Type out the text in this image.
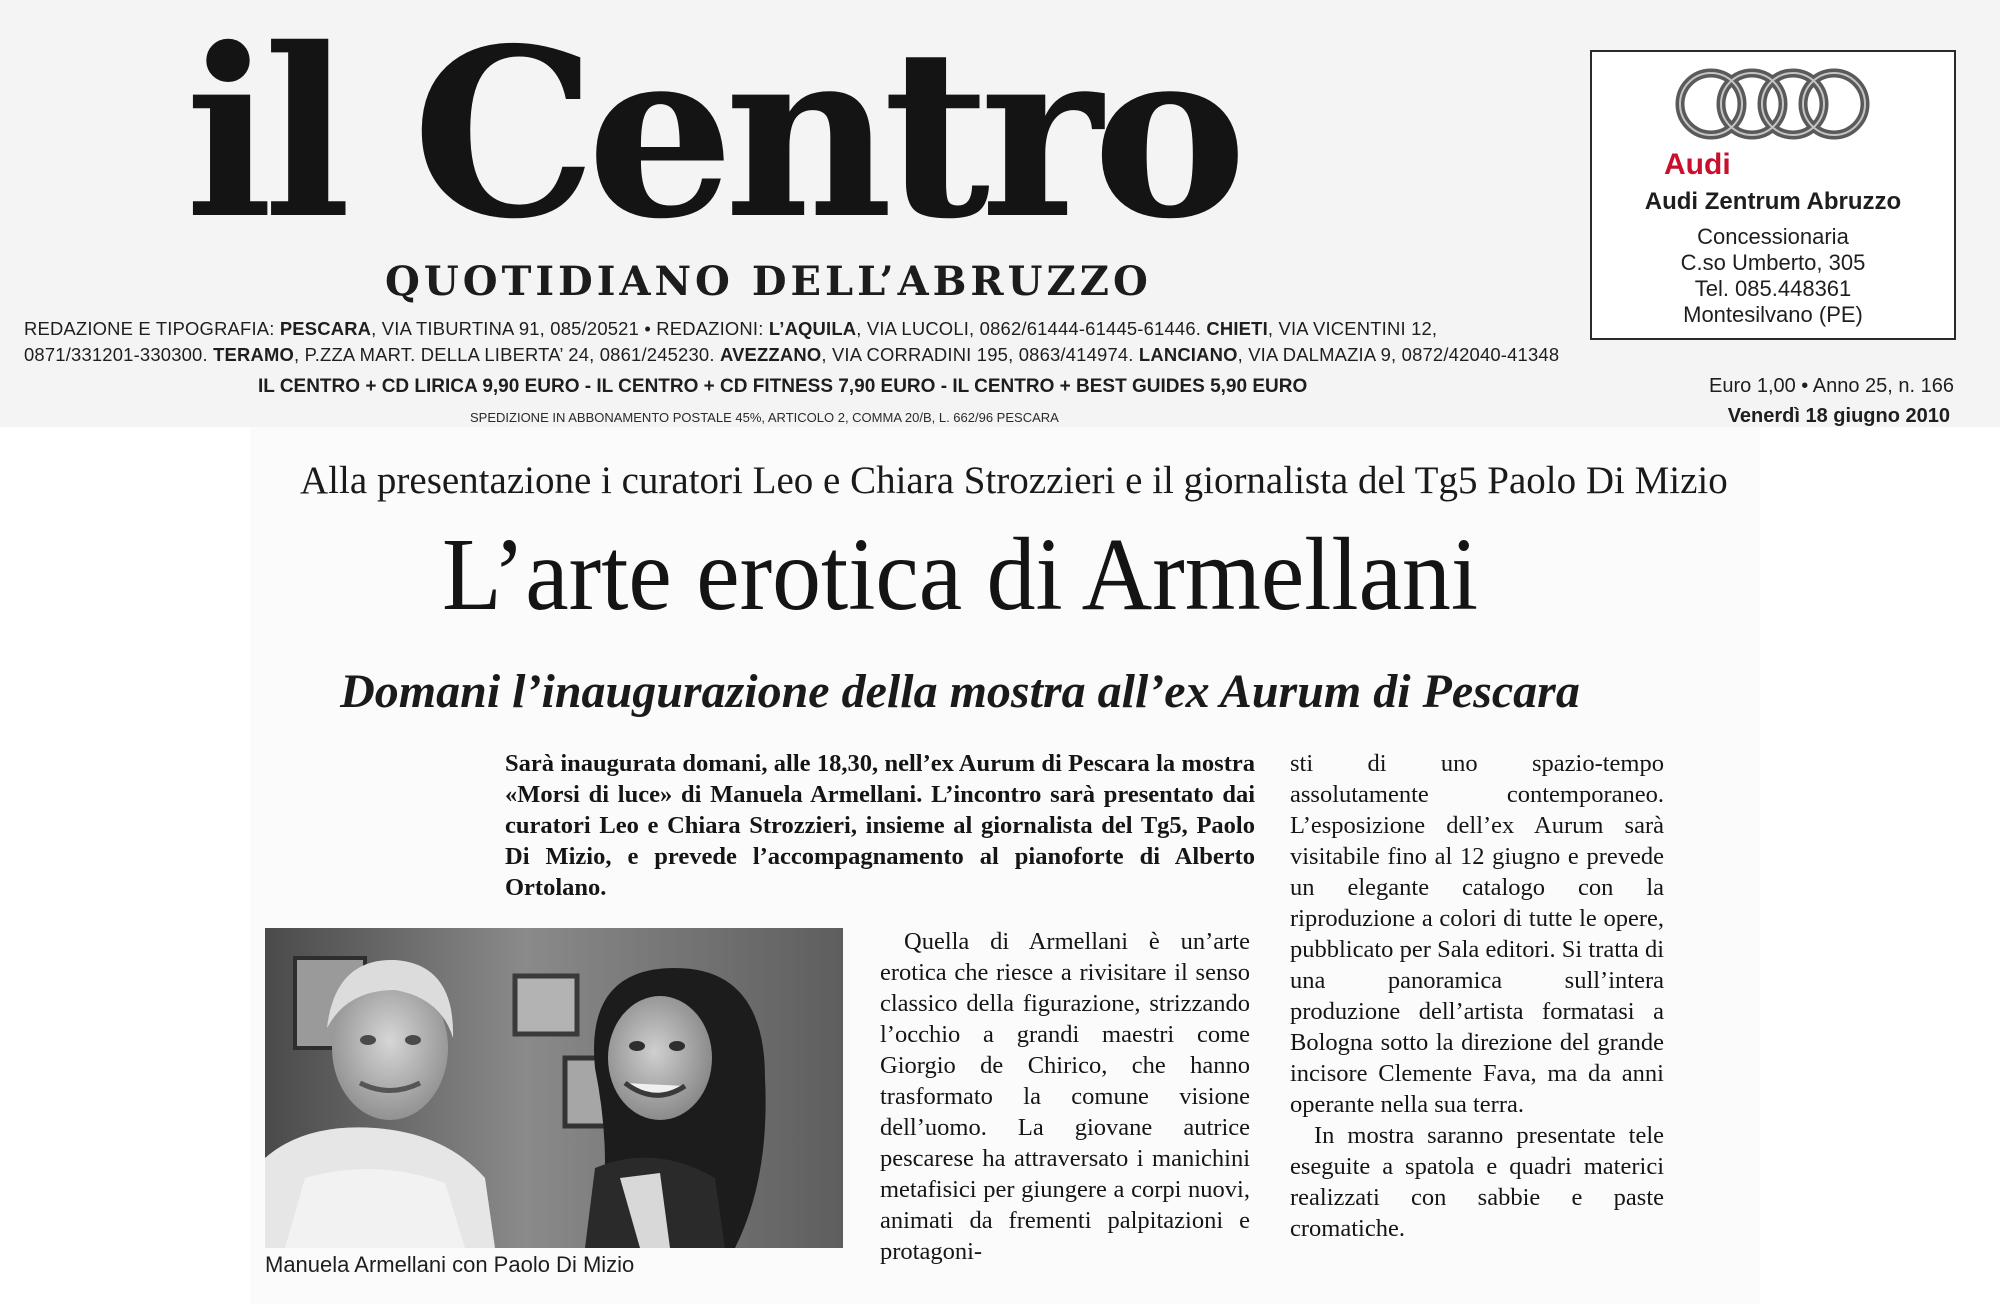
il Centro
QUOTIDIANO DELL’ABRUZZO
REDAZIONE E TIPOGRAFIA: PESCARA, VIA TIBURTINA 91, 085/20521 • REDAZIONI: L’AQUILA, VIA LUCOLI, 0862/61444-61445-61446. CHIETI, VIA VICENTINI 12,
0871/331201-330300. TERAMO, P.ZZA MART. DELLA LIBERTA’ 24, 0861/245230. AVEZZANO, VIA CORRADINI 195, 0863/414974. LANCIANO, VIA DALMAZIA 9, 0872/42040-41348
IL CENTRO + CD LIRICA 9,90 EURO - IL CENTRO + CD FITNESS 7,90 EURO - IL CENTRO + BEST GUIDES 5,90 EURO
SPEDIZIONE IN ABBONAMENTO POSTALE 45%, ARTICOLO 2, COMMA 20/B, L. 662/96 PESCARA
Euro 1,00 • Anno 25, n. 166
Venerdì 18 giugno 2010
Audi
Audi Zentrum Abruzzo
Concessionaria
C.so Umberto, 305
Tel. 085.448361
Montesilvano (PE)
Alla presentazione i curatori Leo e Chiara Strozzieri e il giornalista del Tg5 Paolo Di Mizio
L’arte erotica di Armellani
Domani l’inaugurazione della mostra all’ex Aurum di Pescara
Sarà inaugurata domani, alle 18,30, nell’ex Aurum di Pescara la mostra «Morsi di luce» di Manuela Armellani. L’incontro sarà presentato dai curatori Leo e Chiara Strozzieri, insieme al giornalista del Tg5, Paolo Di Mizio, e prevede l’accompagnamento al pianoforte di Alberto Ortolano.

Quella di Armellani è un’arte erotica che riesce a rivisitare il senso classico della figurazione, strizzando l’occhio a grandi maestri come Giorgio de Chirico, che hanno trasformato la comune visione dell’uomo. La giovane autrice pescarese ha attraversato i manichini metafisici per giungere a corpi nuovi, animati da frementi palpitazioni e protagoni-

sti di uno spazio-tempo assolutamente contemporaneo. L’esposizione dell’ex Aurum sarà visitabile fino al 12 giugno e prevede un elegante catalogo con la riproduzione a colori di tutte le opere, pubblicato per Sala editori. Si tratta di una panoramica sull’intera produzione dell’artista formatasi a Bologna sotto la direzione del grande incisore Clemente Fava, ma da anni operante nella sua terra.

In mostra saranno presentate tele eseguite a spatola e quadri materici realizzati con sabbie e paste cromatiche.

Manuela Armellani con Paolo Di Mizio
